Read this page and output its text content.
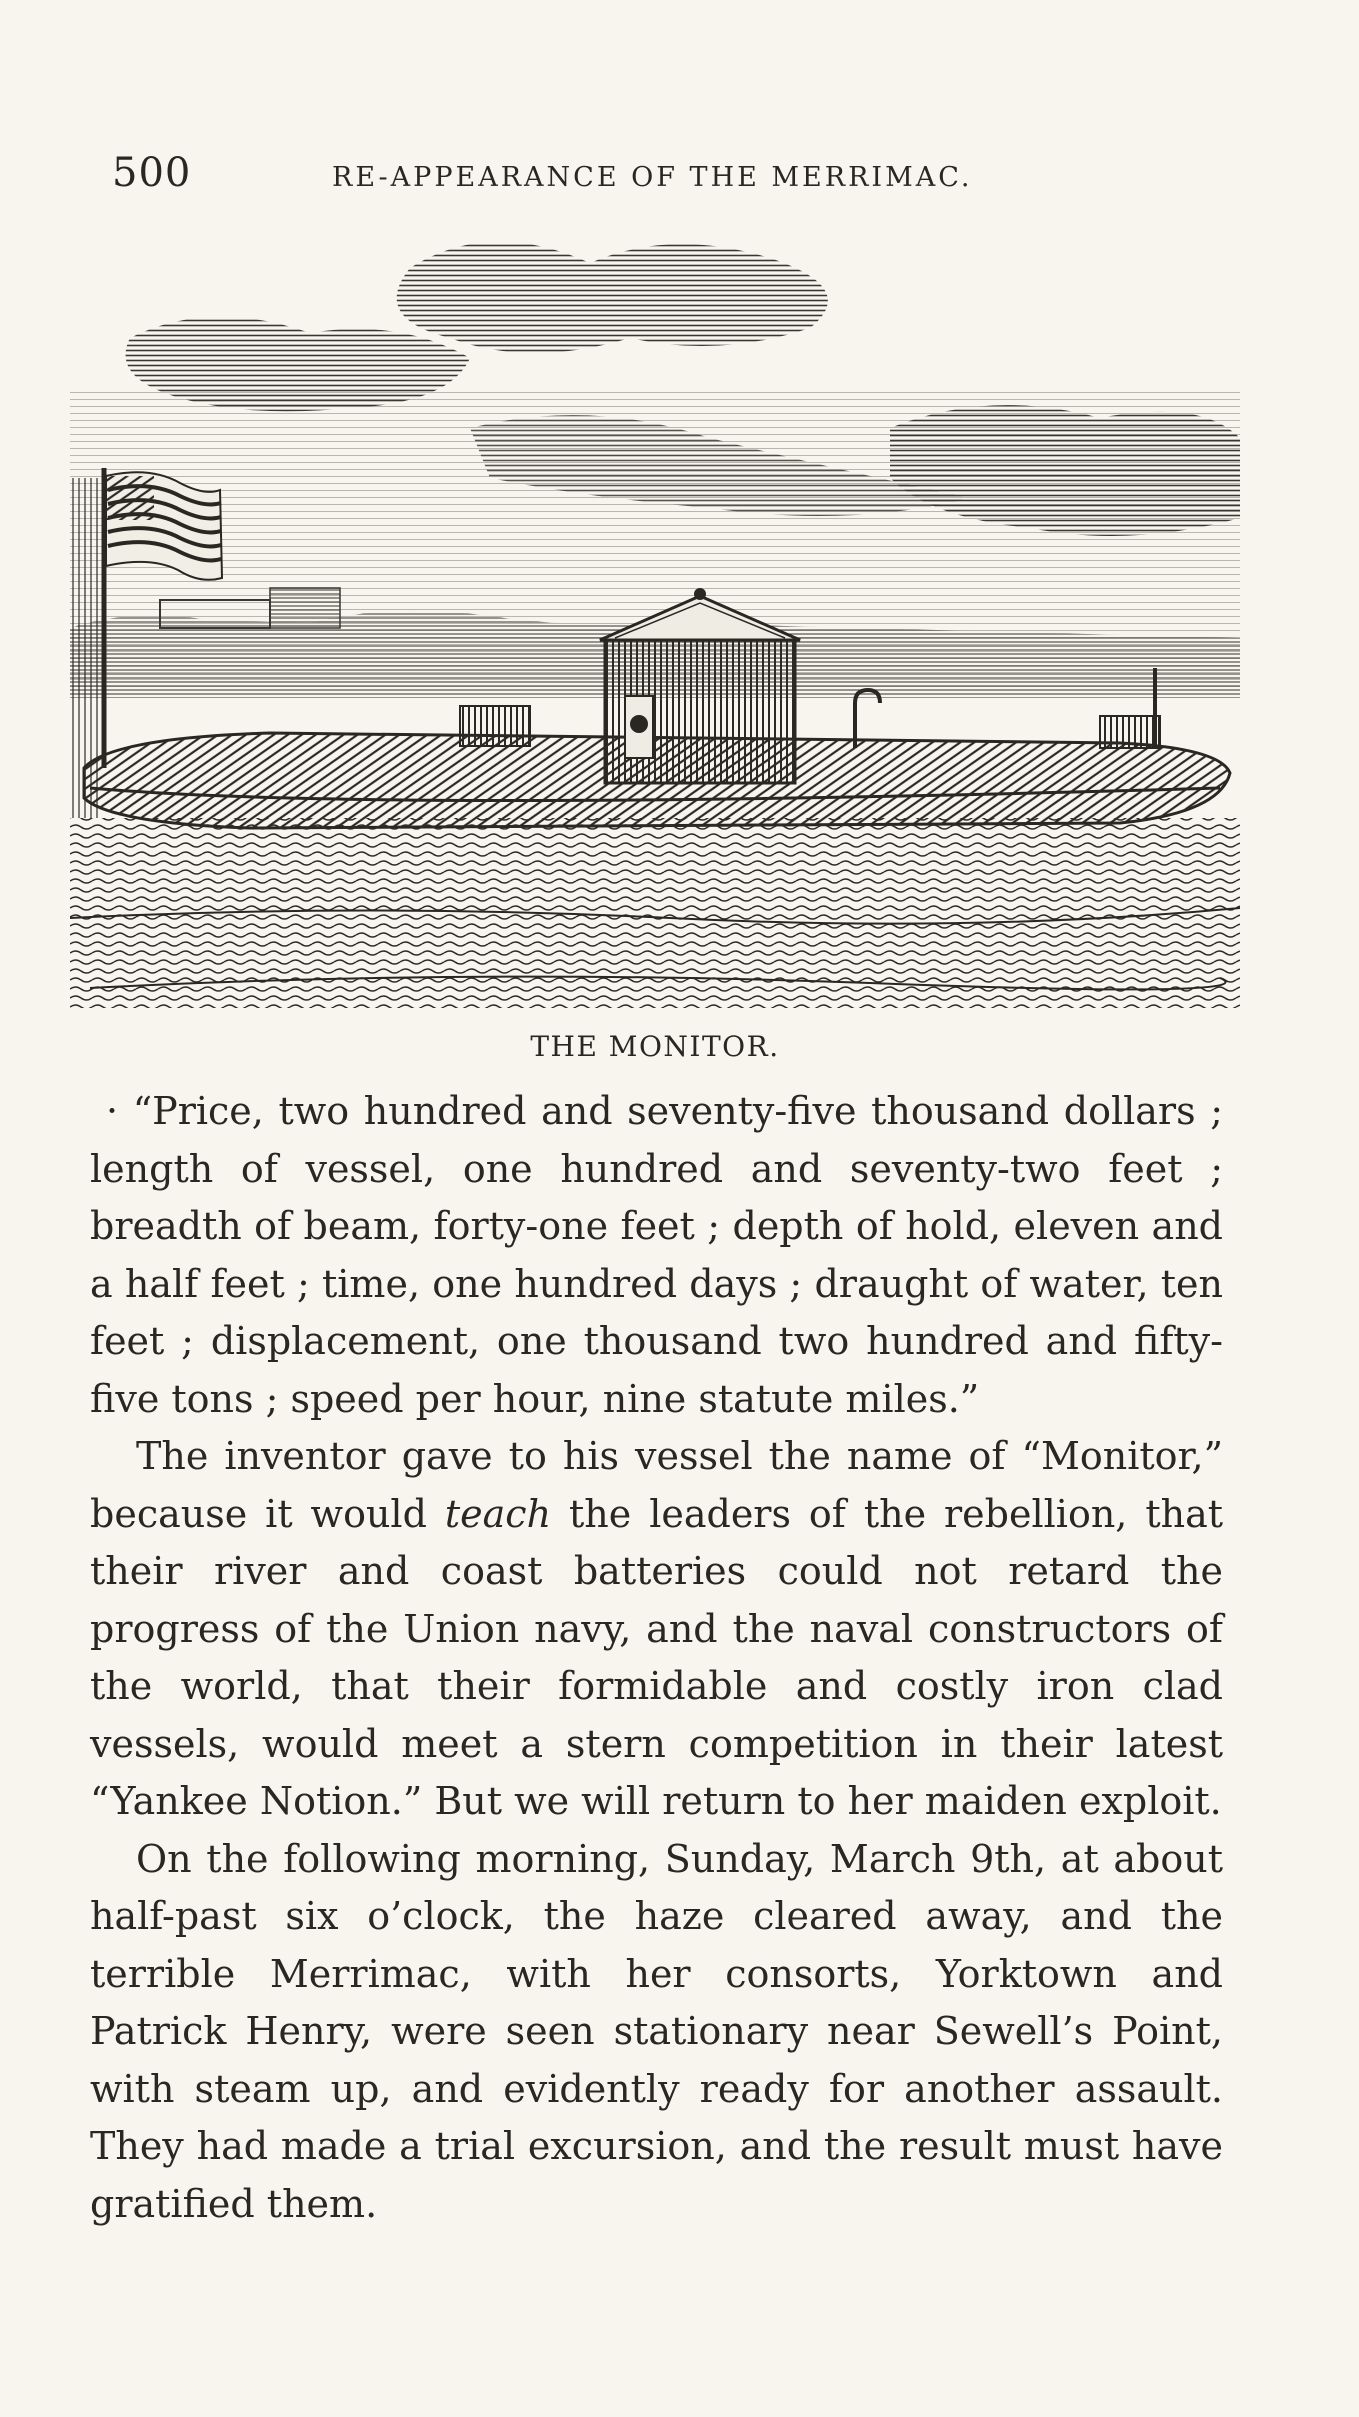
500	RE-APPEARANCE OF THE MERRIMAC.
THE MONITOR.

· “Price, two hundred and seventy-five thousand dollars ; length of vessel, one hundred and seventy-two feet ; breadth of beam, forty-one feet ; depth of hold, eleven and a half feet ; time, one hundred days ; draught of water, ten feet ; displacement, one thousand two hundred and fifty-five tons ; speed per hour, nine statute miles.”

The inventor gave to his vessel the name of “Monitor,” because it would teach the leaders of the rebellion, that their river and coast batteries could not retard the progress of the Union navy, and the naval constructors of the world, that their formidable and costly iron clad vessels, would meet a stern competition in their latest “Yankee Notion.” But we will return to her maiden exploit.

On the following morning, Sunday, March 9th, at about half-past six o’clock, the haze cleared away, and the terrible Merrimac, with her consorts, Yorktown and Patrick Henry, were seen stationary near Sewell’s Point, with steam up, and evidently ready for another assault. They had made a trial excursion, and the result must have gratified them.
